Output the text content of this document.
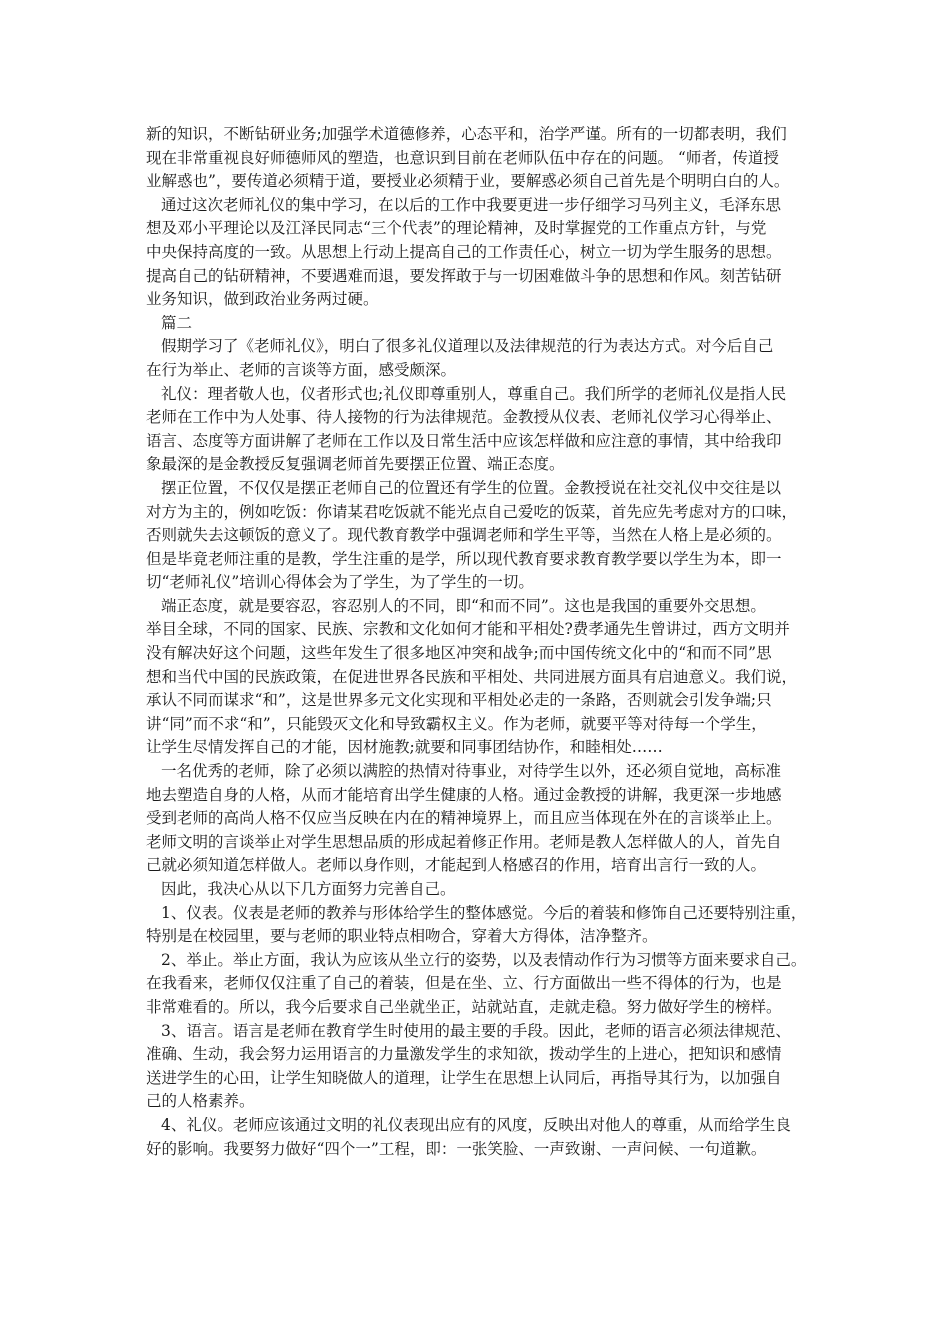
新的知识，不断钻研业务;加强学术道德修养，心态平和，治学严谨。所有的一切都表明，我们
现在非常重视良好师德师风的塑造，也意识到目前在老师队伍中存在的问题。 “师者，传道授
业解惑也”，要传道必须精于道，要授业必须精于业，要解惑必须自己首先是个明明白白的人。
通过这次老师礼仪的集中学习，在以后的工作中我要更进一步仔细学习马列主义，毛泽东思
想及邓小平理论以及江泽民同志“三个代表”的理论精神，及时掌握党的工作重点方针，与党
中央保持高度的一致。从思想上行动上提高自己的工作责任心，树立一切为学生服务的思想。
提高自己的钻研精神，不要遇难而退，要发挥敢于与一切困难做斗争的思想和作风。刻苦钻研
业务知识，做到政治业务两过硬。
篇二
假期学习了《老师礼仪》，明白了很多礼仪道理以及法律规范的行为表达方式。对今后自己
在行为举止、老师的言谈等方面，感受颇深。
礼仪：理者敬人也，仪者形式也;礼仪即尊重别人，尊重自己。我们所学的老师礼仪是指人民
老师在工作中为人处事、待人接物的行为法律规范。金教授从仪表、老师礼仪学习心得举止、
语言、态度等方面讲解了老师在工作以及日常生活中应该怎样做和应注意的事情，其中给我印
象最深的是金教授反复强调老师首先要摆正位置、端正态度。
摆正位置，不仅仅是摆正老师自己的位置还有学生的位置。金教授说在社交礼仪中交往是以
对方为主的，例如吃饭：你请某君吃饭就不能光点自己爱吃的饭菜，首先应先考虑对方的口味，
否则就失去这顿饭的意义了。现代教育教学中强调老师和学生平等，当然在人格上是必须的。
但是毕竟老师注重的是教，学生注重的是学，所以现代教育要求教育教学要以学生为本，即一
切“老师礼仪”培训心得体会为了学生，为了学生的一切。
端正态度，就是要容忍，容忍别人的不同，即“和而不同”。这也是我国的重要外交思想。
举目全球，不同的国家、民族、宗教和文化如何才能和平相处?费孝通先生曾讲过，西方文明并
没有解决好这个问题，这些年发生了很多地区冲突和战争;而中国传统文化中的“和而不同”思
想和当代中国的民族政策，在促进世界各民族和平相处、共同进展方面具有启迪意义。我们说，
承认不同而谋求“和”，这是世界多元文化实现和平相处必走的一条路，否则就会引发争端;只
讲“同”而不求“和”，只能毁灭文化和导致霸权主义。作为老师，就要平等对待每一个学生，
让学生尽情发挥自己的才能，因材施教;就要和同事团结协作，和睦相处……
一名优秀的老师，除了必须以满腔的热情对待事业，对待学生以外，还必须自觉地，高标准
地去塑造自身的人格，从而才能培育出学生健康的人格。通过金教授的讲解，我更深一步地感
受到老师的高尚人格不仅应当反映在内在的精神境界上，而且应当体现在外在的言谈举止上。
老师文明的言谈举止对学生思想品质的形成起着修正作用。老师是教人怎样做人的人，首先自
己就必须知道怎样做人。老师以身作则，才能起到人格感召的作用，培育出言行一致的人。
因此，我决心从以下几方面努力完善自己。
1、仪表。仪表是老师的教养与形体给学生的整体感觉。今后的着装和修饰自己还要特别注重，
特别是在校园里，要与老师的职业特点相吻合，穿着大方得体，洁净整齐。
2、举止。举止方面，我认为应该从坐立行的姿势，以及表情动作行为习惯等方面来要求自己。
在我看来，老师仅仅注重了自己的着装，但是在坐、立、行方面做出一些不得体的行为，也是
非常难看的。所以，我今后要求自己坐就坐正，站就站直，走就走稳。努力做好学生的榜样。
3、语言。语言是老师在教育学生时使用的最主要的手段。因此，老师的语言必须法律规范、
准确、生动，我会努力运用语言的力量激发学生的求知欲，拨动学生的上进心，把知识和感情
送进学生的心田，让学生知晓做人的道理，让学生在思想上认同后，再指导其行为，以加强自
己的人格素养。
4、礼仪。老师应该通过文明的礼仪表现出应有的风度，反映出对他人的尊重，从而给学生良
好的影响。我要努力做好“四个一”工程，即：一张笑脸、一声致谢、一声问候、一句道歉。
